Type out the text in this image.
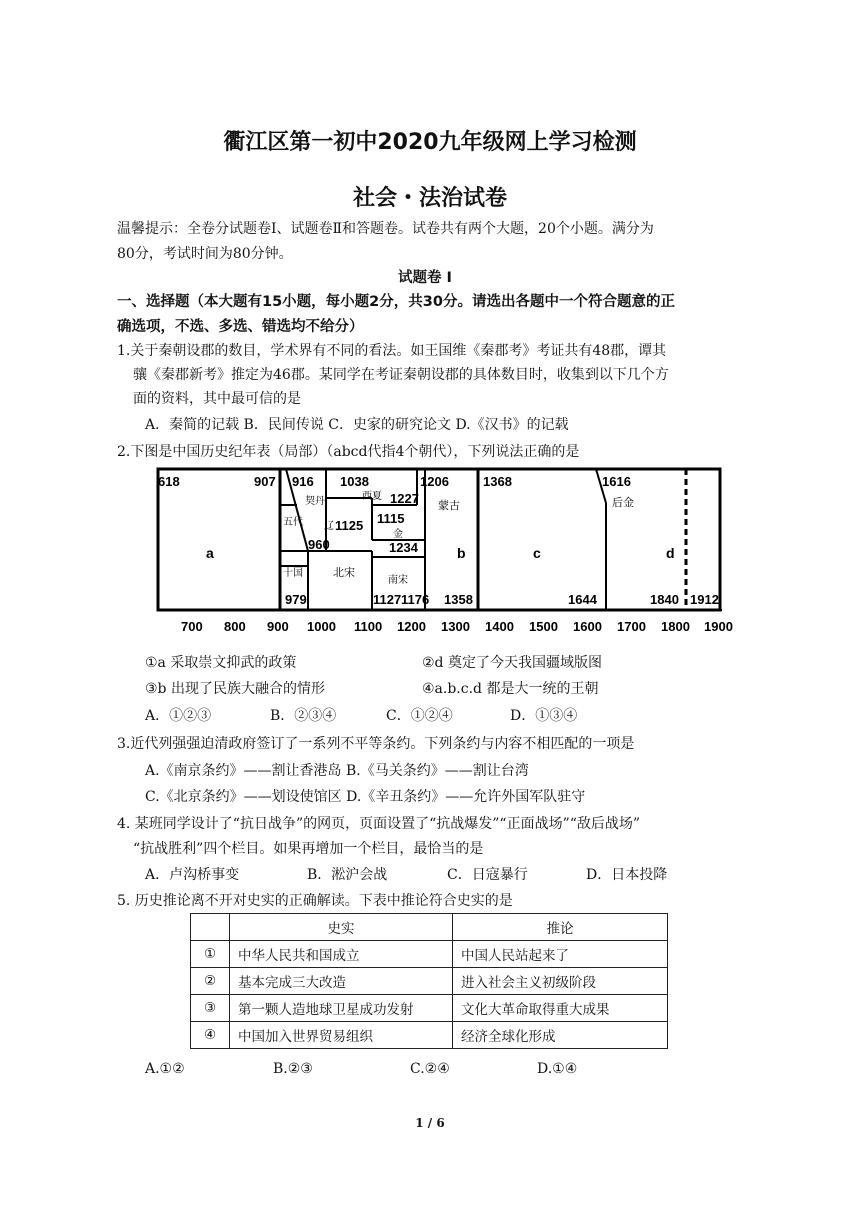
衢江区第一初中2020九年级网上学习检测
社会・法治试卷
温馨提示：全卷分试题卷Ⅰ、试题卷Ⅱ和答题卷。试卷共有两个大题，20个小题。满分为
80分，考试时间为80分钟。
试题卷 Ⅰ
一、选择题（本大题有15小题，每小题2分，共30分。请选出各题中一个符合题意的正
确选项，不选、多选、错选均不给分）
1.关于秦朝设郡的数目，学术界有不同的看法。如王国维《秦郡考》考证共有48郡，谭其
骧《秦郡新考》推定为46郡。某同学在考证秦朝设郡的具体数目时，收集到以下几个方
面的资料，其中最可信的是
A．秦简的记载 B．民间传说 C．史家的研究论文 D.《汉书》的记载
2.下图是中国历史纪年表（局部）（abcd代指4个朝代），下列说法正确的是
618	907 916 1038
1227
1206	1368	1616
1125 1115
1234
960
979	1127 1176 1358	1644	1840 1912
a	b	c	d
契丹	西夏
蒙古	后金
五代 辽
金
北宋
十国
南宋
700 800 900 1000 1100 1200 1300 1400 1500 1600 1700 1800 1900
①a 采取崇文抑武的政策	②d 奠定了今天我国疆域版图
③b 出现了民族大融合的情形	④a.b.c.d 都是大一统的王朝
A．①②③	B．②③④	C．①②④	D．①③④
3.近代列强强迫清政府签订了一系列不平等条约。下列条约与内容不相匹配的一项是
A.《南京条约》——割让香港岛 B.《马关条约》——割让台湾
C.《北京条约》——划设使馆区 D.《辛丑条约》——允许外国军队驻守
4. 某班同学设计了“抗日战争”的网页，页面设置了“抗战爆发”“正面战场”“敌后战场”
“抗战胜利”四个栏目。如果再增加一个栏目，最恰当的是
A．卢沟桥事变	B．淞沪会战	C．日寇暴行	D．日本投降
5. 历史推论离不开对史实的正确解读。下表中推论符合史实的是
	史实	推论
①	中华人民共和国成立	中国人民站起来了
②	基本完成三大改造	进入社会主义初级阶段
③	第一颗人造地球卫星成功发射	文化大革命取得重大成果
④	中国加入世界贸易组织	经济全球化形成
A.①②	B.②③	C.②④	D.①④
1 / 6
